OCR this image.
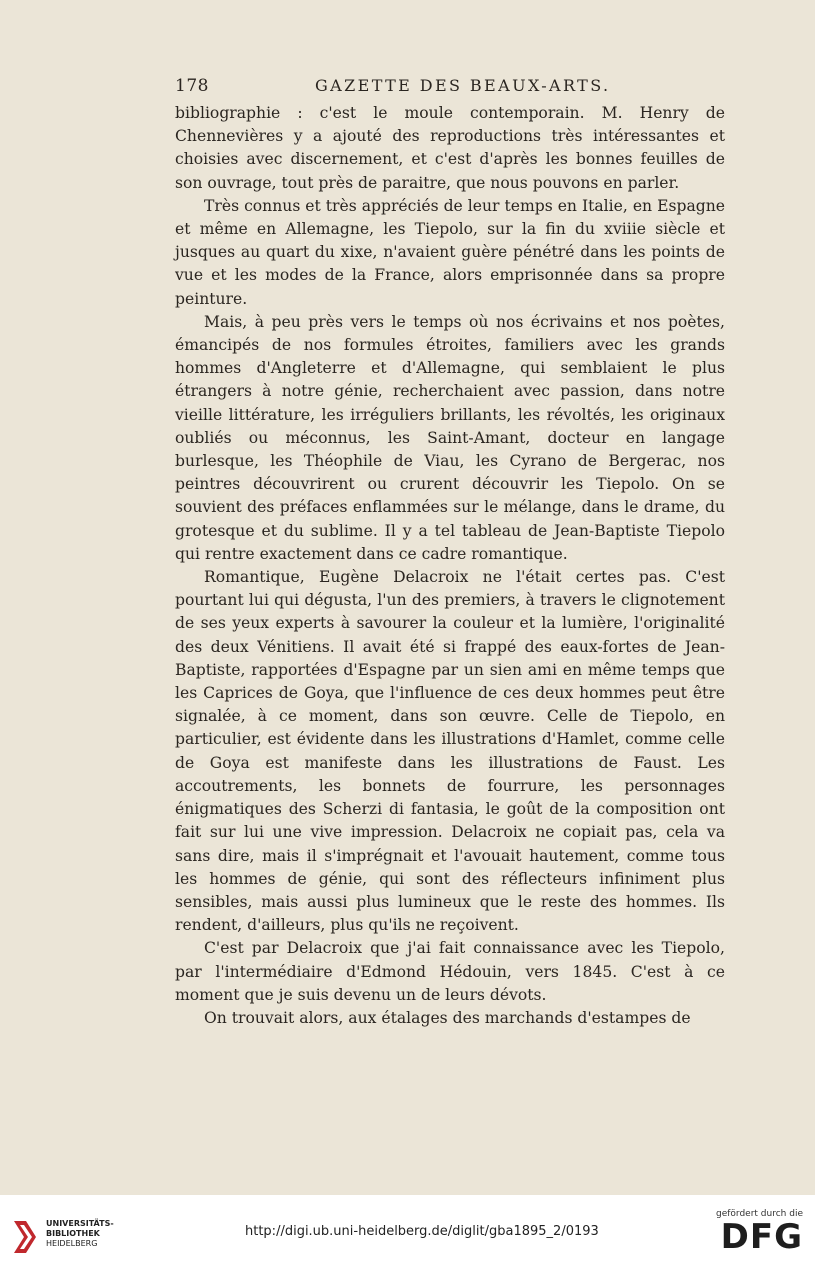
178	GAZETTE DES BEAUX-ARTS.

bibliographie : c'est le moule contemporain. M. Henry de Chennevières y a ajouté des reproductions très intéressantes et choisies avec discernement, et c'est d'après les bonnes feuilles de son ouvrage, tout près de paraitre, que nous pouvons en parler.

Très connus et très appréciés de leur temps en Italie, en Espagne et même en Allemagne, les Tiepolo, sur la fin du xviiie siècle et jusques au quart du xixe, n'avaient guère pénétré dans les points de vue et les modes de la France, alors emprisonnée dans sa propre peinture.

Mais, à peu près vers le temps où nos écrivains et nos poètes, émancipés de nos formules étroites, familiers avec les grands hommes d'Angleterre et d'Allemagne, qui semblaient le plus étrangers à notre génie, recherchaient avec passion, dans notre vieille littérature, les irréguliers brillants, les révoltés, les originaux oubliés ou méconnus, les Saint-Amant, docteur en langage burlesque, les Théophile de Viau, les Cyrano de Bergerac, nos peintres découvrirent ou crurent découvrir les Tiepolo. On se souvient des préfaces enflammées sur le mélange, dans le drame, du grotesque et du sublime. Il y a tel tableau de Jean-Baptiste Tiepolo qui rentre exactement dans ce cadre romantique.

Romantique, Eugène Delacroix ne l'était certes pas. C'est pourtant lui qui dégusta, l'un des premiers, à travers le clignotement de ses yeux experts à savourer la couleur et la lumière, l'originalité des deux Vénitiens. Il avait été si frappé des eaux-fortes de Jean-Baptiste, rapportées d'Espagne par un sien ami en même temps que les Caprices de Goya, que l'influence de ces deux hommes peut être signalée, à ce moment, dans son œuvre. Celle de Tiepolo, en particulier, est évidente dans les illustrations d'Hamlet, comme celle de Goya est manifeste dans les illustrations de Faust. Les accoutrements, les bonnets de fourrure, les personnages énigmatiques des Scherzi di fantasia, le goût de la composition ont fait sur lui une vive impression. Delacroix ne copiait pas, cela va sans dire, mais il s'imprégnait et l'avouait hautement, comme tous les hommes de génie, qui sont des réflecteurs infiniment plus sensibles, mais aussi plus lumineux que le reste des hommes. Ils rendent, d'ailleurs, plus qu'ils ne reçoivent.

C'est par Delacroix que j'ai fait connaissance avec les Tiepolo, par l'intermédiaire d'Edmond Hédouin, vers 1845. C'est à ce moment que je suis devenu un de leurs dévots.

On trouvait alors, aux étalages des marchands d'estampes de

UNIVERSITÄTS-
BIBLIOTHEK
HEIDELBERG
http://digi.ub.uni-heidelberg.de/diglit/gba1895_2/0193
gefördert durch die
DFG
